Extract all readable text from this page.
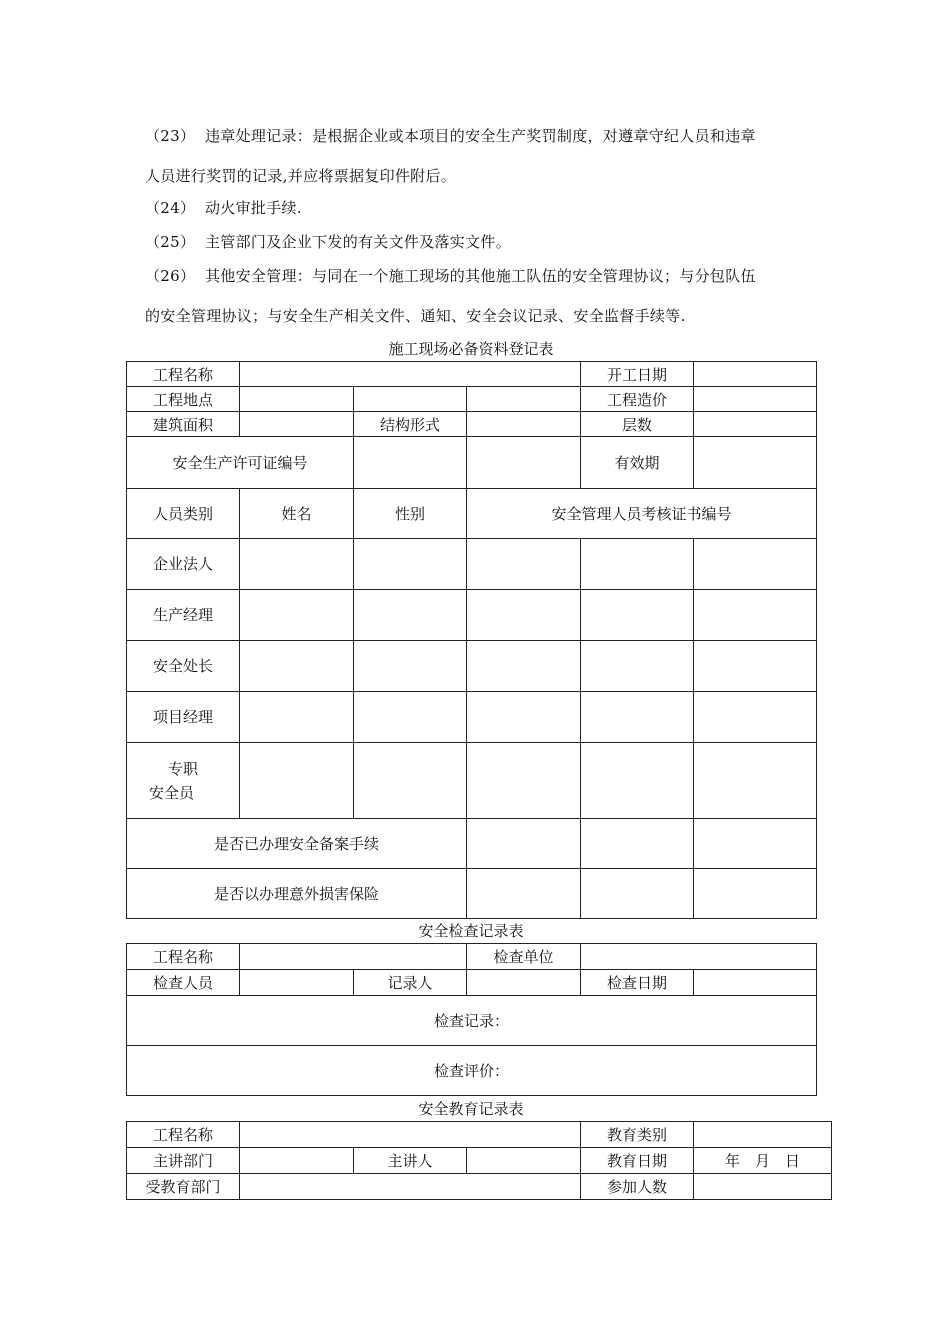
（23） 违章处理记录：是根据企业或本项目的安全生产奖罚制度，对遵章守纪人员和违章
人员进行奖罚的记录,并应将票据复印件附后。
（24） 动火审批手续.
（25） 主管部门及企业下发的有关文件及落实文件。
（26） 其他安全管理：与同在一个施工现场的其他施工队伍的安全管理协议；与分包队伍
的安全管理协议；与安全生产相关文件、通知、安全会议记录、安全监督手续等.
施工现场必备资料登记表
工程名称				开工日期	
工程地点				工程造价	
建筑面积		结构形式		层数	
安全生产许可证编号				有效期	
人员类别	姓名	性别	安全管理人员考核证书编号		
企业法人					
生产经理					
安全处长					
项目经理					

专职
安全员					

是否已办理安全备案手续					
是否以办理意外损害保险					
安全检查记录表
工程名称			检查单位		
检查人员		记录人		检查日期	
检查记录：					
检查评价：					
安全教育记录表
工程名称				教育类别	
主讲部门		主讲人		教育日期	年　月　日
受教育部门				参加人数	
